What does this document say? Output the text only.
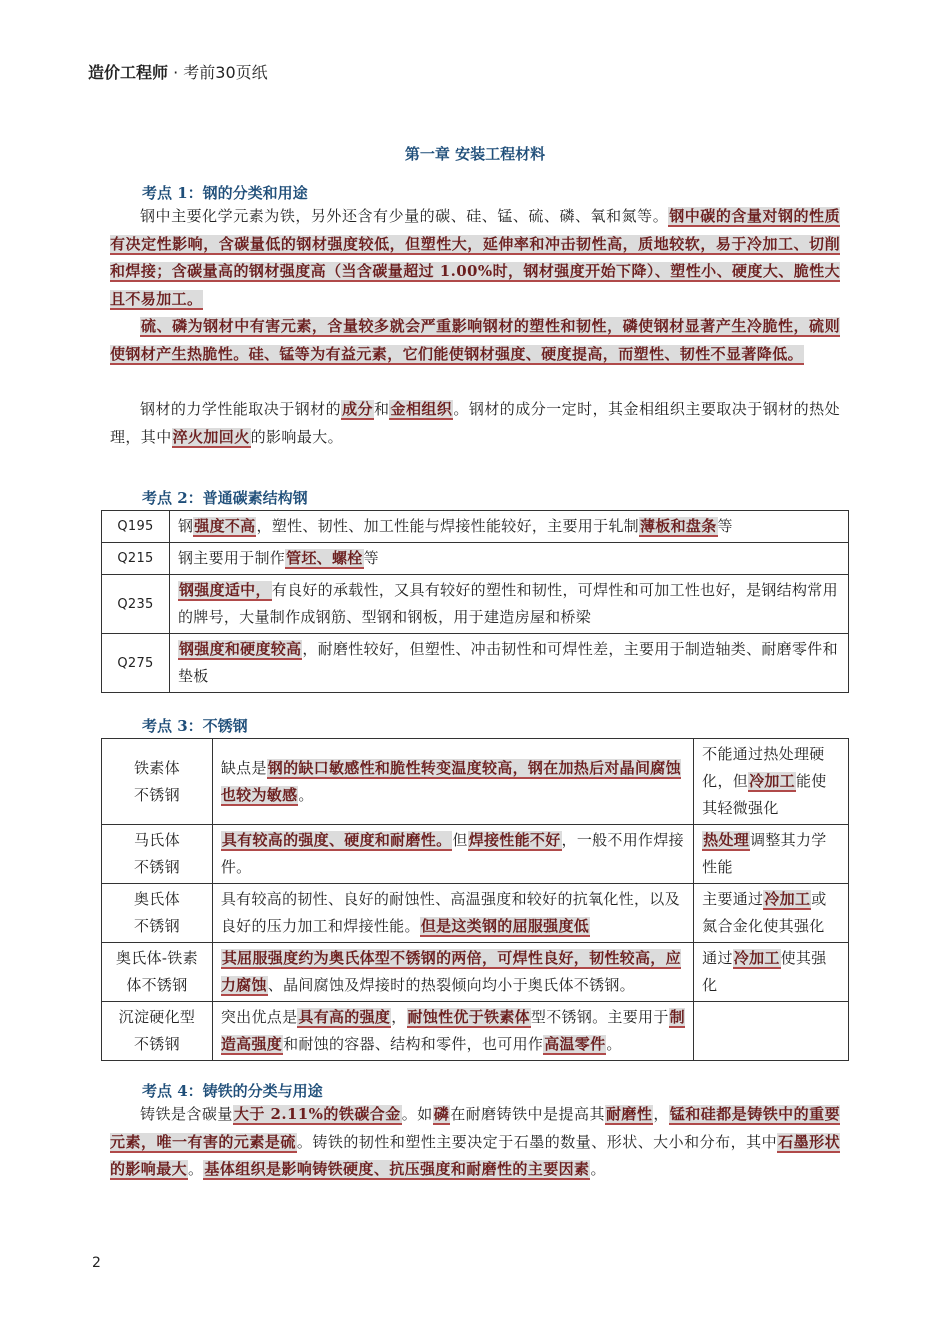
造价工程师 · 考前30页纸
第一章 安装工程材料
考点 1：钢的分类和用途
钢中主要化学元素为铁，另外还含有少量的碳、硅、锰、硫、磷、氧和氮等。钢中碳的含量对钢的性质有决定性影响，含碳量低的钢材强度较低，但塑性大，延伸率和冲击韧性高，质地较软，易于冷加工、切削和焊接；含碳量高的钢材强度高（当含碳量超过 1.00%时，钢材强度开始下降）、塑性小、硬度大、脆性大且不易加工。
硫、磷为钢材中有害元素，含量较多就会严重影响钢材的塑性和韧性，磷使钢材显著产生冷脆性，硫则使钢材产生热脆性。硅、锰等为有益元素，它们能使钢材强度、硬度提高，而塑性、韧性不显著降低。
钢材的力学性能取决于钢材的成分和金相组织。钢材的成分一定时，其金相组织主要取决于钢材的热处理，其中淬火加回火的影响最大。
考点 2：普通碳素结构钢
Q195	钢强度不高，塑性、韧性、加工性能与焊接性能较好，主要用于轧制薄板和盘条等
Q215	钢主要用于制作管坯、螺栓等
Q235	钢强度适中，有良好的承载性，又具有较好的塑性和韧性，可焊性和可加工性也好，是钢结构常用的牌号，大量制作成钢筋、型钢和钢板，用于建造房屋和桥梁
Q275	钢强度和硬度较高，耐磨性较好，但塑性、冲击韧性和可焊性差，主要用于制造轴类、耐磨零件和垫板
考点 3：不锈钢
铁素体
不锈钢	缺点是钢的缺口敏感性和脆性转变温度较高，钢在加热后对晶间腐蚀也较为敏感。	不能通过热处理硬化，但冷加工能使其轻微强化

马氏体
不锈钢	具有较高的强度、硬度和耐磨性。但焊接性能不好，一般不用作焊接件。	热处理调整其力学性能

奥氏体
不锈钢	具有较高的韧性、良好的耐蚀性、高温强度和较好的抗氧化性，以及良好的压力加工和焊接性能。但是这类钢的屈服强度低	主要通过冷加工或氮合金化使其强化

奥氏体-铁素
体不锈钢	其屈服强度约为奥氏体型不锈钢的两倍，可焊性良好，韧性较高，应力腐蚀、晶间腐蚀及焊接时的热裂倾向均小于奥氏体不锈钢。	通过冷加工使其强化

沉淀硬化型
不锈钢	突出优点是具有高的强度，耐蚀性优于铁素体型不锈钢。主要用于制造高强度和耐蚀的容器、结构和零件，也可用作高温零件。	
考点 4：铸铁的分类与用途
铸铁是含碳量大于 2.11%的铁碳合金。如磷在耐磨铸铁中是提高其耐磨性，锰和硅都是铸铁中的重要元素，唯一有害的元素是硫。铸铁的韧性和塑性主要决定于石墨的数量、形状、大小和分布，其中石墨形状的影响最大。基体组织是影响铸铁硬度、抗压强度和耐磨性的主要因素。
2
